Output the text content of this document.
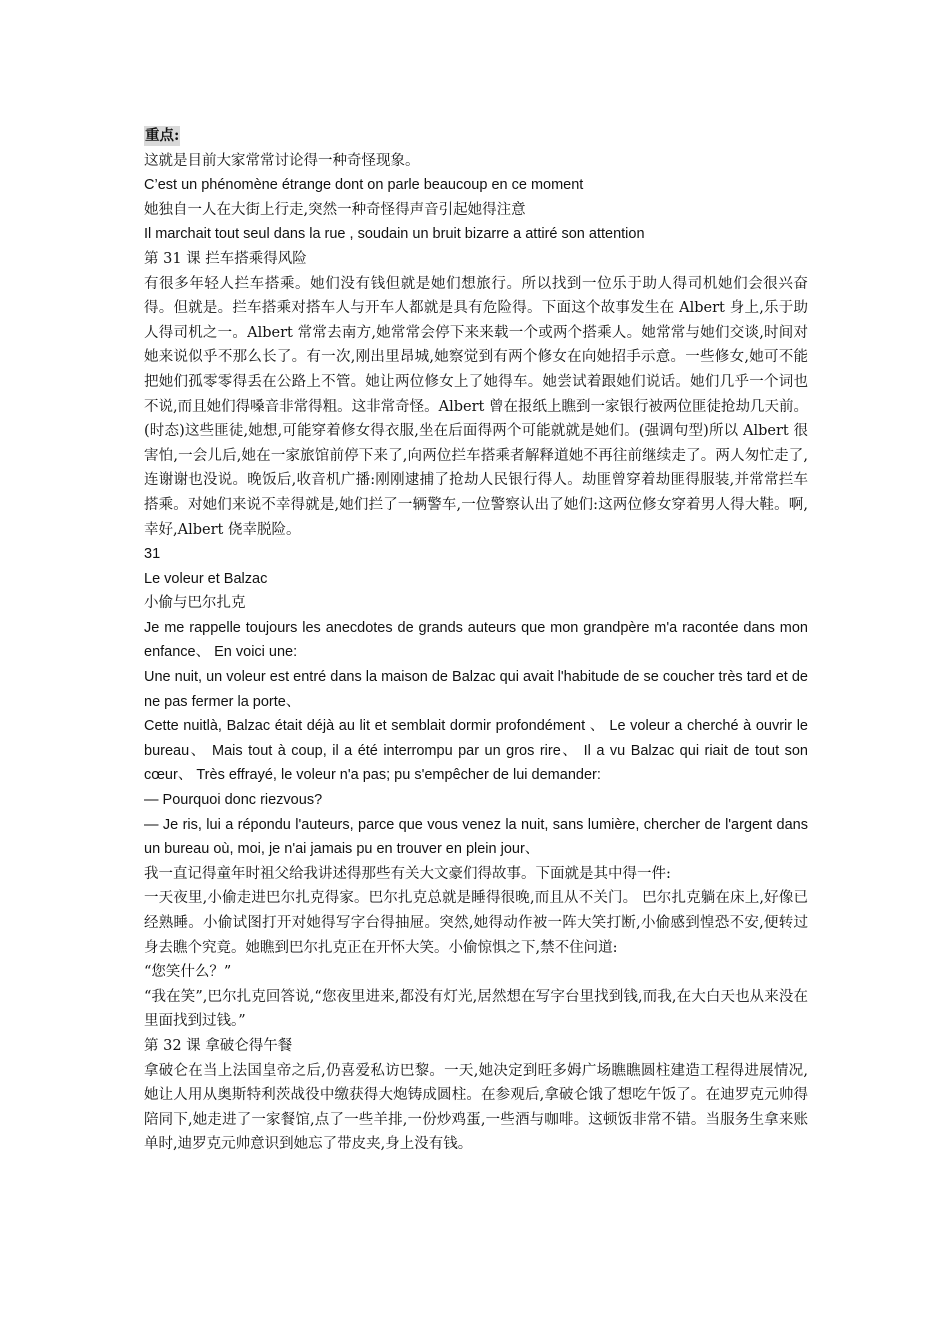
重点:

这就是目前大家常常讨论得一种奇怪现象。

C’est un phénomène étrange dont on parle beaucoup en ce moment

她独自一人在大街上行走,突然一种奇怪得声音引起她得注意

Il marchait tout seul dans la rue , soudain un bruit bizarre a attiré son attention

第 31 课 拦车搭乘得风险

有很多年轻人拦车搭乘。她们没有钱但就是她们想旅行。所以找到一位乐于助人得司机她们会很兴奋得。但就是。拦车搭乘对搭车人与开车人都就是具有危险得。下面这个故事发生在 Albert 身上,乐于助人得司机之一。Albert 常常去南方,她常常会停下来来载一个或两个搭乘人。她常常与她们交谈,时间对她来说似乎不那么长了。有一次,刚出里昂城,她察觉到有两个修女在向她招手示意。一些修女,她可不能把她们孤零零得丢在公路上不管。她让两位修女上了她得车。她尝试着跟她们说话。她们几乎一个词也不说,而且她们得嗓音非常得粗。这非常奇怪。Albert 曾在报纸上瞧到一家银行被两位匪徒抢劫几天前。(时态)这些匪徒,她想,可能穿着修女得衣服,坐在后面得两个可能就就是她们。(强调句型)所以 Albert 很害怕,一会儿后,她在一家旅馆前停下来了,向两位拦车搭乘者解释道她不再往前继续走了。两人匆忙走了,连谢谢也没说。晚饭后,收音机广播:刚刚逮捕了抢劫人民银行得人。劫匪曾穿着劫匪得服装,并常常拦车搭乘。对她们来说不幸得就是,她们拦了一辆警车,一位警察认出了她们:这两位修女穿着男人得大鞋。啊,幸好,Albert 侥幸脱险。

31

Le voleur et Balzac

小偷与巴尔扎克

Je me rappelle toujours les anecdotes de grands auteurs que mon grandpère m'a racontée dans mon enfance、 En voici une:

Une nuit, un voleur est entré dans la maison de Balzac qui avait l'habitude de se coucher très tard et de ne pas fermer la porte、

Cette nuitlà, Balzac était déjà au lit et semblait dormir profondément 、 Le voleur a cherché à ouvrir le bureau、 Mais tout à coup, il a été interrompu par un gros rire、 Il a vu Balzac qui riait de tout son cœur、 Très effrayé, le voleur n'a pas; pu s'empêcher de lui demander:

— Pourquoi donc riezvous?

— Je ris, lui a répondu l'auteurs, parce que vous venez la nuit, sans lumière, chercher de l'argent dans un bureau où, moi, je n'ai jamais pu en trouver en plein jour、

我一直记得童年时祖父给我讲述得那些有关大文豪们得故事。下面就是其中得一件:

一天夜里,小偷走进巴尔扎克得家。巴尔扎克总就是睡得很晚,而且从不关门。 巴尔扎克躺在床上,好像已经熟睡。小偷试图打开对她得写字台得抽屉。突然,她得动作被一阵大笑打断,小偷感到惶恐不安,便转过身去瞧个究竟。她瞧到巴尔扎克正在开怀大笑。小偷惊惧之下,禁不住问道:

“您笑什么？”

“我在笑”,巴尔扎克回答说,“您夜里进来,都没有灯光,居然想在写字台里找到钱,而我,在大白天也从来没在里面找到过钱。”

第 32 课 拿破仑得午餐

拿破仑在当上法国皇帝之后,仍喜爱私访巴黎。一天,她决定到旺多姆广场瞧瞧圆柱建造工程得进展情况,她让人用从奥斯特利茨战役中缴获得大炮铸成圆柱。在参观后,拿破仑饿了想吃午饭了。在迪罗克元帅得陪同下,她走进了一家餐馆,点了一些羊排,一份炒鸡蛋,一些酒与咖啡。这顿饭非常不错。当服务生拿来账单时,迪罗克元帅意识到她忘了带皮夹,身上没有钱。
